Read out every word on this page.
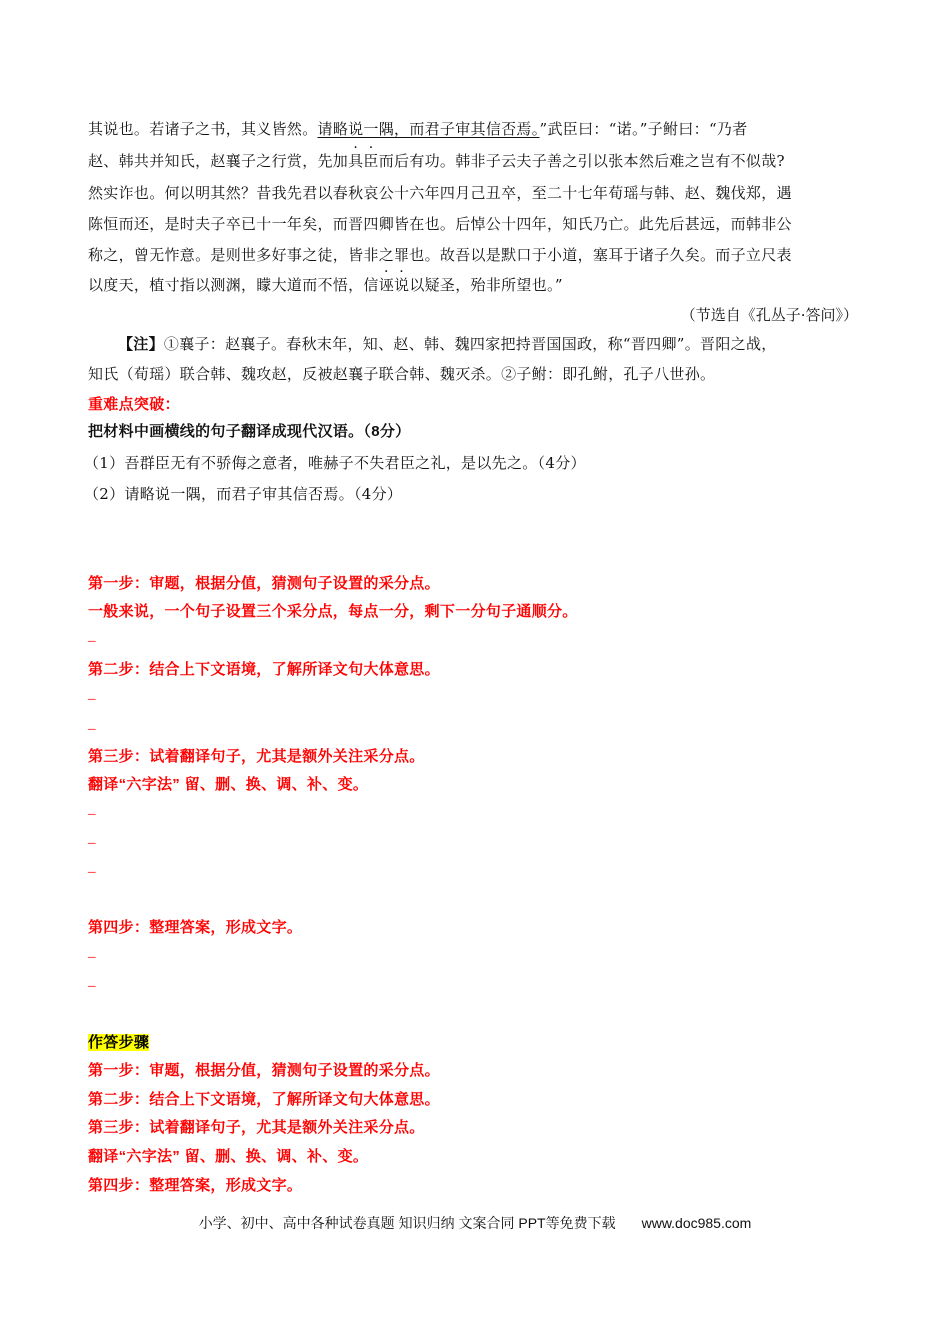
其说也。若诸子之书，其义皆然。请略说一隅，而君子审其信否焉。”武臣曰：“诺。”子鲋曰：“乃者
赵、韩共并知氏，赵襄子之行赏，先加具臣而后有功。韩非子云夫子善之引以张本然后难之岂有不似哉?
然实诈也。何以明其然？昔我先君以春秋哀公十六年四月己丑卒，至二十七年荀瑶与韩、赵、魏伐郑，遇
陈恒而还，是时夫子卒已十一年矣，而晋四卿皆在也。后悼公十四年，知氏乃亡。此先后甚远，而韩非公
称之，曾无怍意。是则世多好事之徒，皆非之罪也。故吾以是默口于小道，塞耳于诸子久矣。而子立尺表
以度天，植寸指以测渊，矇大道而不悟，信诬说以疑圣，殆非所望也。”
（节选自《孔丛子·答问》）
【注】①襄子：赵襄子。春秋末年，知、赵、韩、魏四家把持晋国国政，称“晋四卿”。晋阳之战，
知氏（荀瑶）联合韩、魏攻赵，反被赵襄子联合韩、魏灭杀。②子鲋：即孔鲋，孔子八世孙。
重难点突破：
把材料中画横线的句子翻译成现代汉语。（8分）
（1）吾群臣无有不骄侮之意者，唯赫子不失君臣之礼，是以先之。（4分）
（2）请略说一隅，而君子审其信否焉。（4分）
第一步：审题，根据分值，猜测句子设置的采分点。
一般来说，一个句子设置三个采分点，每点一分，剩下一分句子通顺分。
_
第二步：结合上下文语境，了解所译文句大体意思。
_
_
第三步：试着翻译句子，尤其是额外关注采分点。
翻译“六字法” 留、删、换、调、补、变。
_
_
_
第四步：整理答案，形成文字。
_
_
作答步骤
第一步：审题，根据分值，猜测句子设置的采分点。
第二步：结合上下文语境，了解所译文句大体意思。
第三步：试着翻译句子，尤其是额外关注采分点。
翻译“六字法” 留、删、换、调、补、变。
第四步：整理答案，形成文字。
小学、初中、高中各种试卷真题 知识归纳 文案合同 PPT等免费下载 www.doc985.com
